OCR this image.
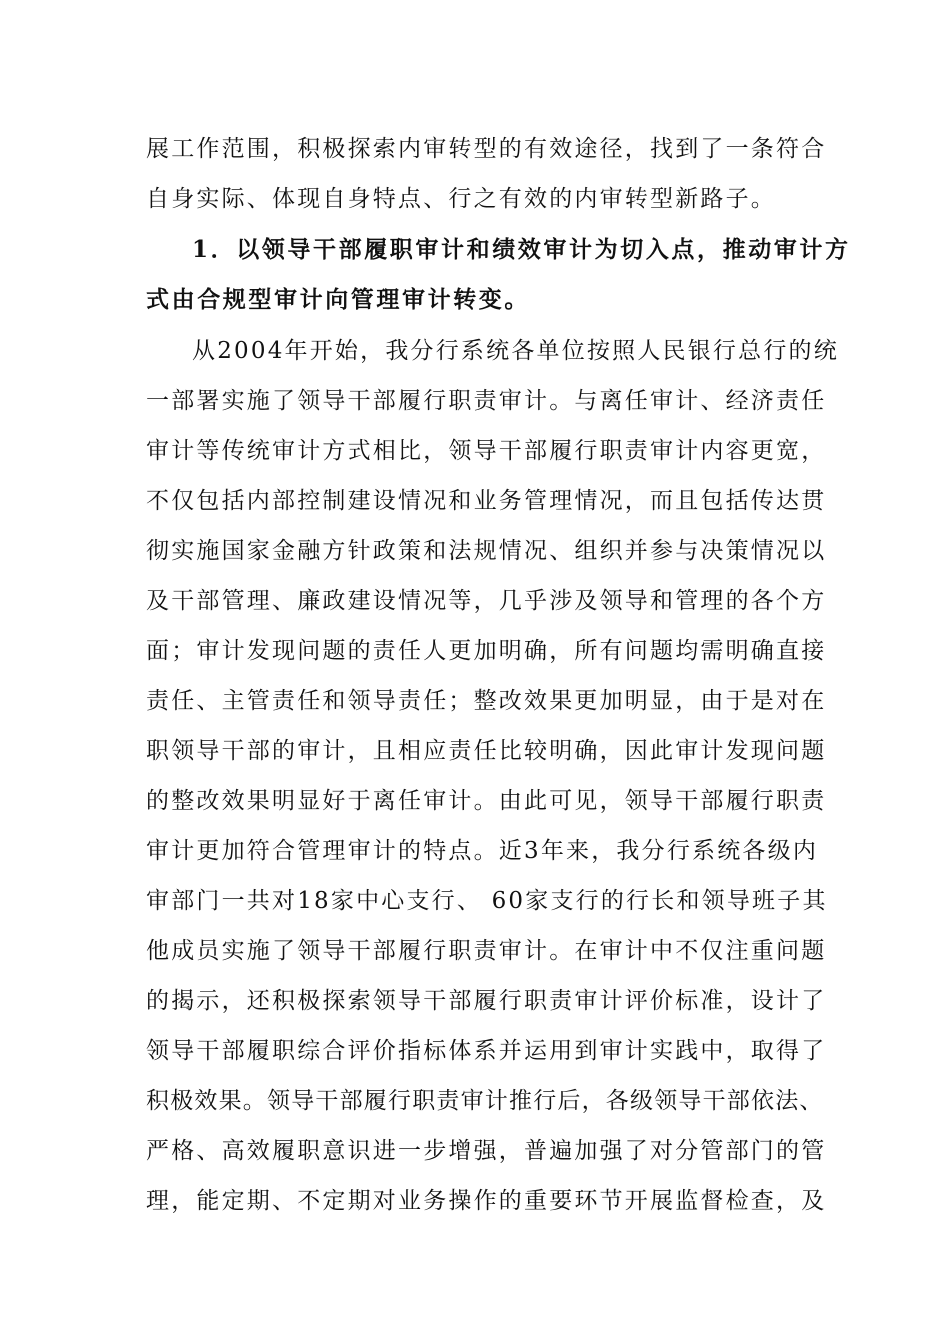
展工作范围，积极探索内审转型的有效途径，找到了一条符合
自身实际、体现自身特点、行之有效的内审转型新路子。
1．以领导干部履职审计和绩效审计为切入点，推动审计方
式由合规型审计向管理审计转变。
从2004年开始，我分行系统各单位按照人民银行总行的统
一部署实施了领导干部履行职责审计。与离任审计、经济责任
审计等传统审计方式相比，领导干部履行职责审计内容更宽，
不仅包括内部控制建设情况和业务管理情况，而且包括传达贯
彻实施国家金融方针政策和法规情况、组织并参与决策情况以
及干部管理、廉政建设情况等，几乎涉及领导和管理的各个方
面；审计发现问题的责任人更加明确，所有问题均需明确直接
责任、主管责任和领导责任；整改效果更加明显，由于是对在
职领导干部的审计，且相应责任比较明确，因此审计发现问题
的整改效果明显好于离任审计。由此可见，领导干部履行职责
审计更加符合管理审计的特点。近3年来，我分行系统各级内
审部门一共对18家中心支行、 60家支行的行长和领导班子其
他成员实施了领导干部履行职责审计。在审计中不仅注重问题
的揭示，还积极探索领导干部履行职责审计评价标准，设计了
领导干部履职综合评价指标体系并运用到审计实践中，取得了
积极效果。领导干部履行职责审计推行后，各级领导干部依法、
严格、高效履职意识进一步增强，普遍加强了对分管部门的管
理，能定期、不定期对业务操作的重要环节开展监督检查，及
